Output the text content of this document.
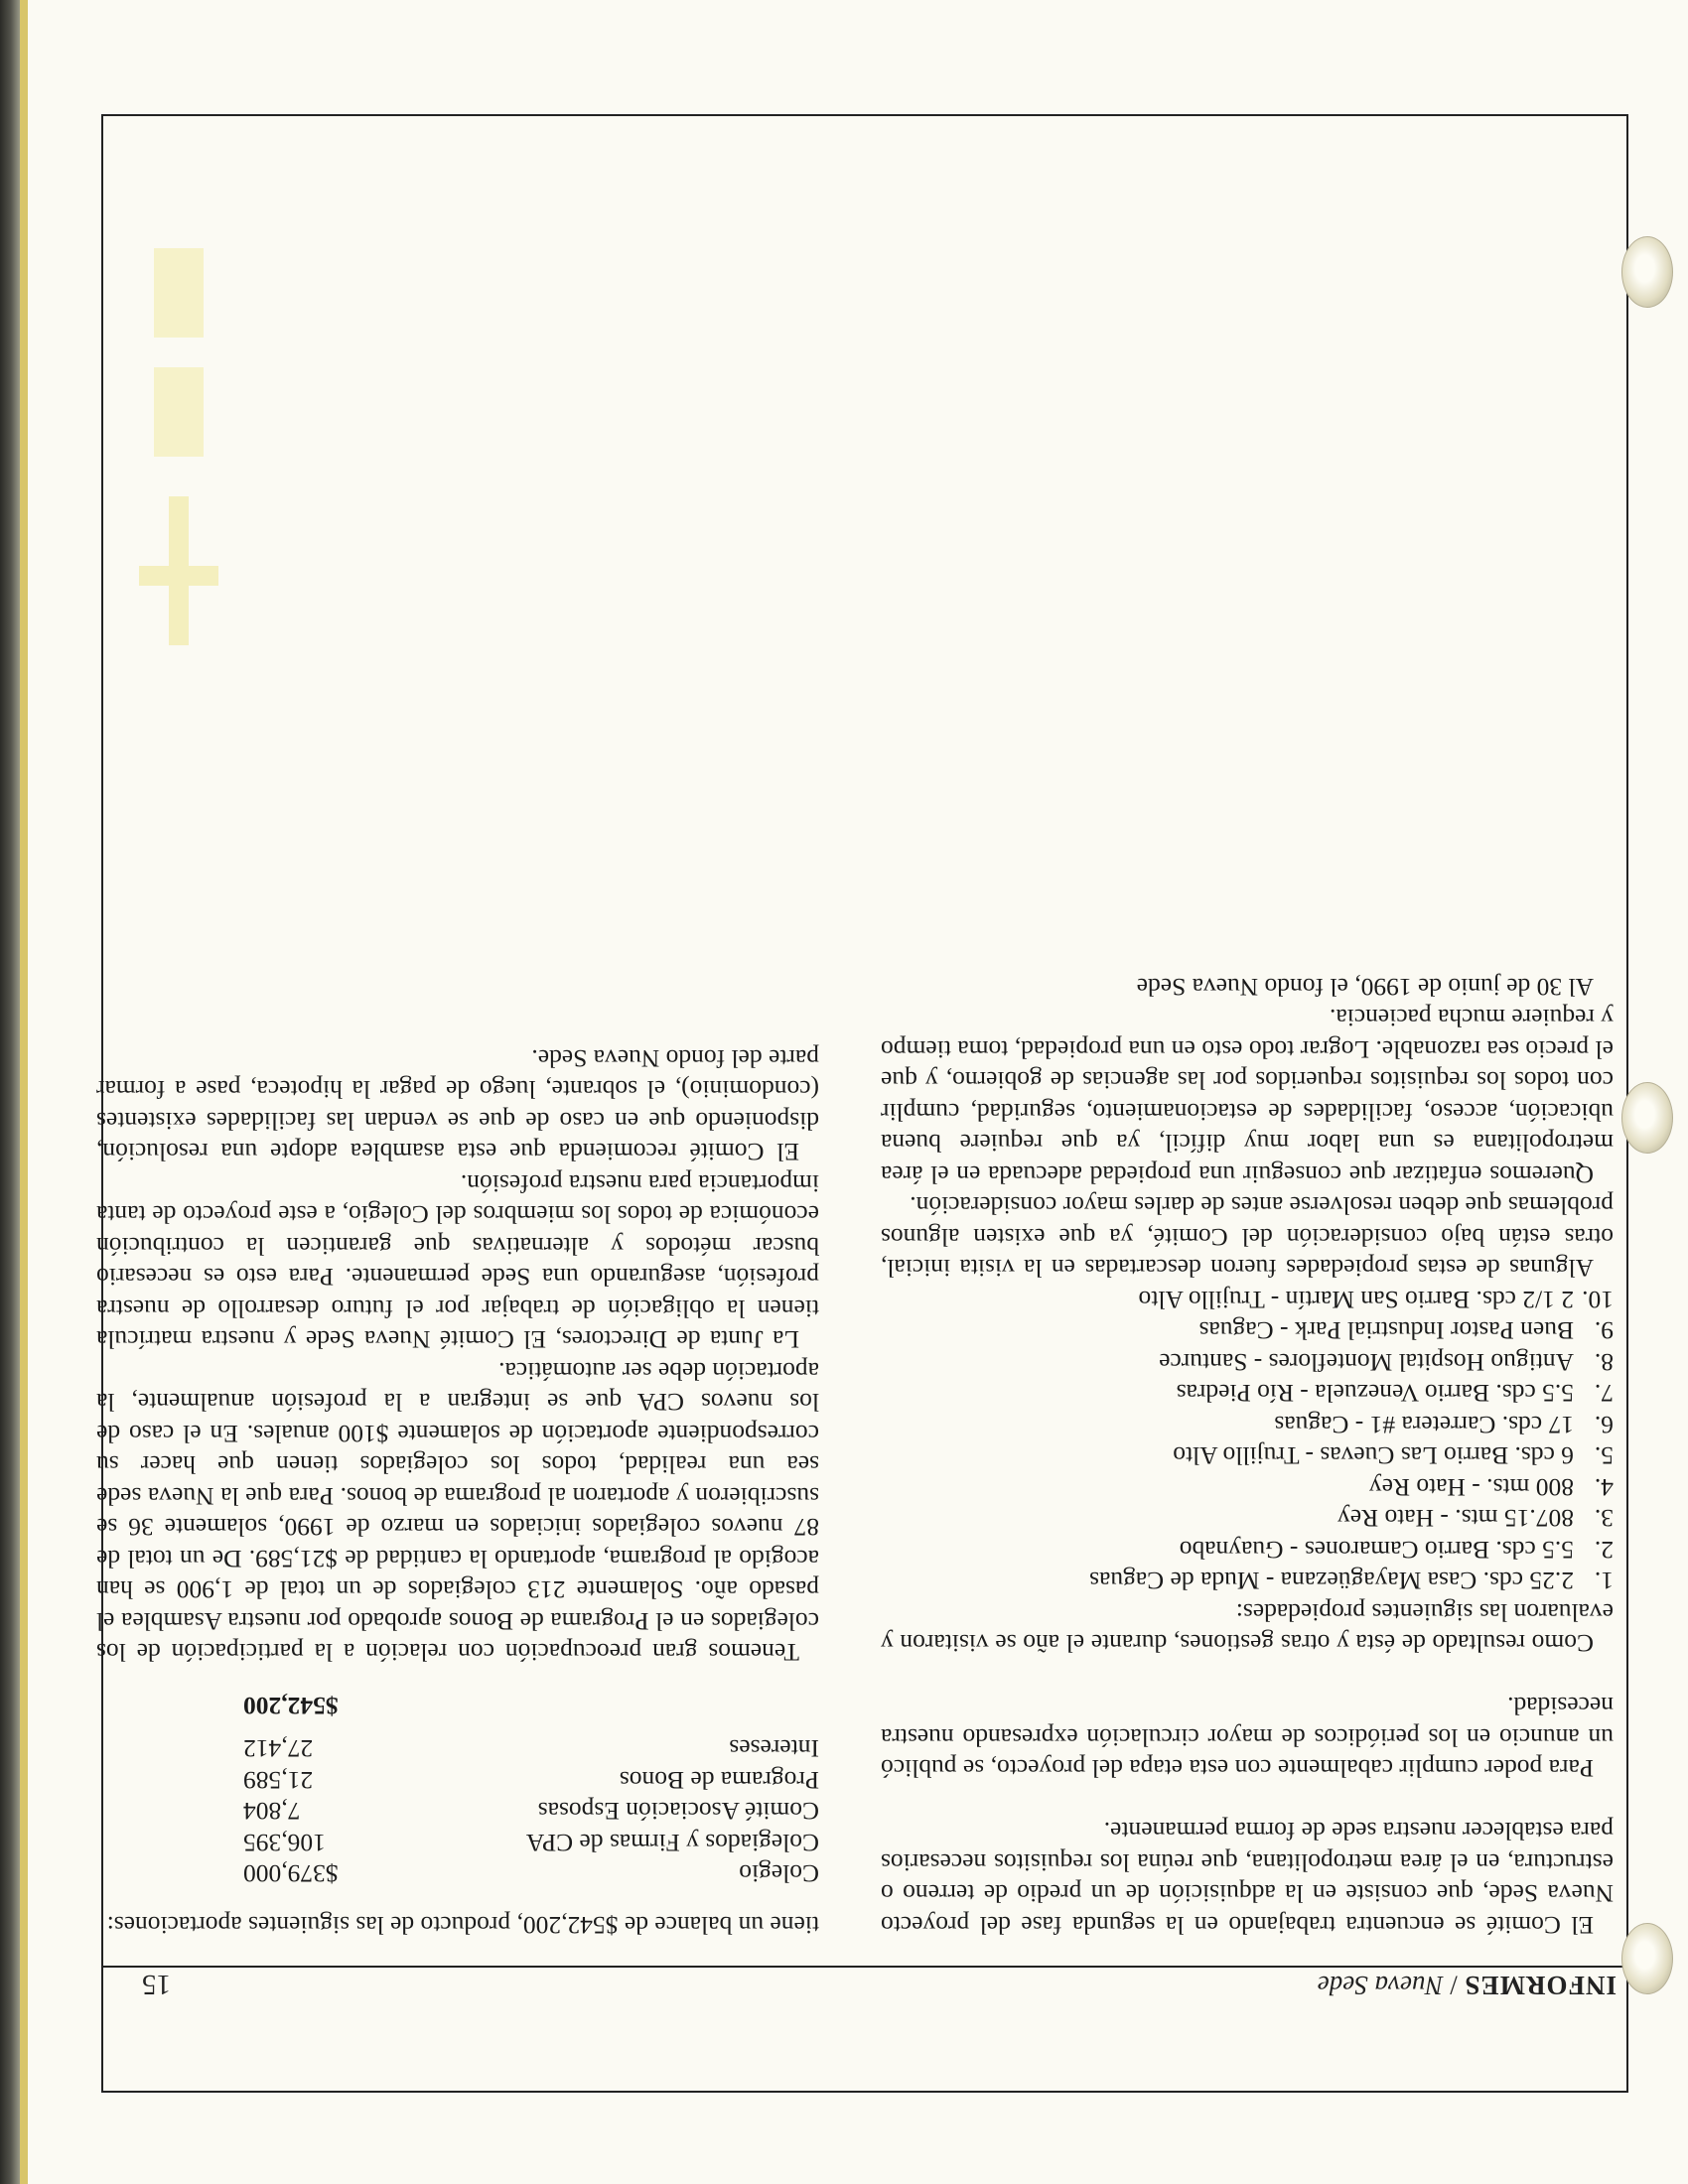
INFORMES / Nueva Sede
15

El Comité se encuentra trabajando en la segunda fase del proyecto Nueva Sede, que consiste en la adquisición de un predio de terreno o estructura, en el área metropolitana, que reúna los requisitos necesarios para establecer nuestra sede de forma permanente.

Para poder cumplir cabalmente con esta etapa del proyecto, se publicó un anuncio en los periódicos de mayor circulación expresando nuestra necesidad.

Como resultado de ésta y otras gestiones, durante el año se visitaron y evaluaron las siguientes propiedades:

1.
2.25 cds. Casa Mayagüezana - Muda de Caguas
2.
5.5 cds. Barrio Camarones - Guaynabo
3.
807.15 mts. - Hato Rey
4.
800 mts. - Hato Rey
5.
6 cds. Barrio Las Cuevas - Trujillo Alto
6.
17 cds. Carretera #1 - Caguas
7.
5.5 cds. Barrio Venezuela - Río Piedras
8.
Antiguo Hospital Monteflores - Santurce
9.
Buen Pastor Industrial Park - Caguas
10.
2 1/2 cds. Barrio San Martín - Trujillo Alto

Algunas de estas propiedades fueron descartadas en la visita inicial, otras están bajo consideración del Comité, ya que existen algunos problemas que deben resolverse antes de darles mayor consideración.

Queremos enfatizar que conseguir una propiedad adecuada en el área metropolitana es una labor muy difícil, ya que requiere buena ubicación, acceso, facilidades de estacionamiento, seguridad, cumplir con todos los requisitos requeridos por las agencias de gobierno, y que el precio sea razonable. Lograr todo esto en una propiedad, toma tiempo y requiere mucha paciencia.

Al 30 de junio de 1990, el fondo Nueva Sede

tiene un balance de $542,200, producto de las siguientes aportaciones:

Colegio
$379,000
Colegiados y Firmas de CPA
106,395
Comité Asociación Esposas
7,804
Programa de Bonos
21,589
Intereses
27,412
$542,200

Tenemos gran preocupación con relación a la participación de los colegiados en el Programa de Bonos aprobado por nuestra Asamblea el pasado año. Solamente 213 colegiados de un total de 1,900 se han acogido al programa, aportando la cantidad de $21,589. De un total de 87 nuevos colegiados iniciados en marzo de 1990, solamente 36 se suscribieron y aportaron al programa de bonos. Para que la Nueva sede sea una realidad, todos los colegiados tienen que hacer su correspondiente aportación de solamente $100 anuales. En el caso de los nuevos CPA que se integran a la profesión anualmente, la aportación debe ser automática.

La Junta de Directores, El Comité Nueva Sede y nuestra matrícula tienen la obligación de trabajar por el futuro desarrollo de nuestra profesión, asegurando una Sede permanente. Para esto es necesario buscar métodos y alternativas que garanticen la contribución económica de todos los miembros del Colegio, a este proyecto de tanta importancia para nuestra profesión.

El Comité recomienda que esta asamblea adopte una resolución, disponiendo que en caso de que se vendan las facilidades existentes (condominio), el sobrante, luego de pagar la hipoteca, pase a formar parte del fondo Nueva Sede.
